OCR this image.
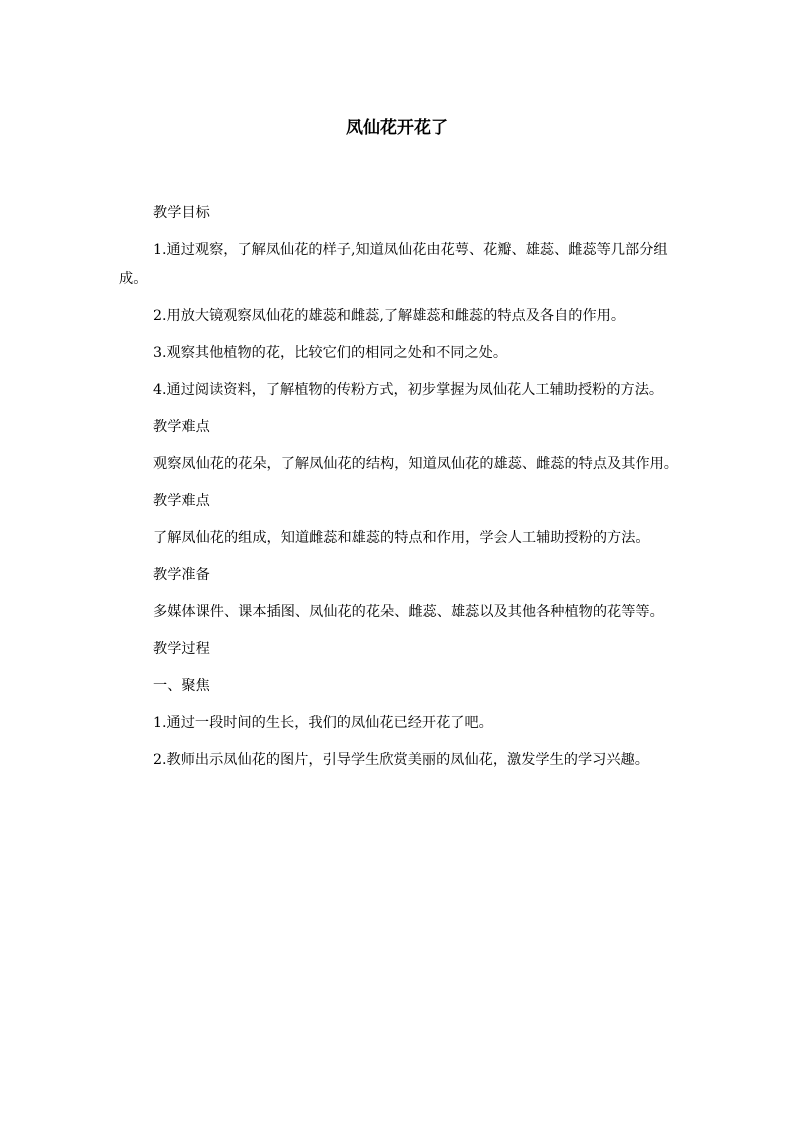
凤仙花开花了

教学目标

1.通过观察，了解凤仙花的样子,知道凤仙花由花萼、花瓣、雄蕊、雌蕊等几部分组成。

2.用放大镜观察凤仙花的雄蕊和雌蕊,了解雄蕊和雌蕊的特点及各自的作用。

3.观察其他植物的花，比较它们的相同之处和不同之处。

4.通过阅读资料，了解植物的传粉方式，初步掌握为凤仙花人工辅助授粉的方法。

教学难点

观察凤仙花的花朵，了解凤仙花的结构，知道凤仙花的雄蕊、雌蕊的特点及其作用。

教学难点

了解凤仙花的组成，知道雌蕊和雄蕊的特点和作用，学会人工辅助授粉的方法。

教学准备

多媒体课件、课本插图、凤仙花的花朵、雌蕊、雄蕊以及其他各种植物的花等等。

教学过程

一、聚焦

1.通过一段时间的生长，我们的凤仙花已经开花了吧。

2.教师出示凤仙花的图片，引导学生欣赏美丽的凤仙花，激发学生的学习兴趣。
